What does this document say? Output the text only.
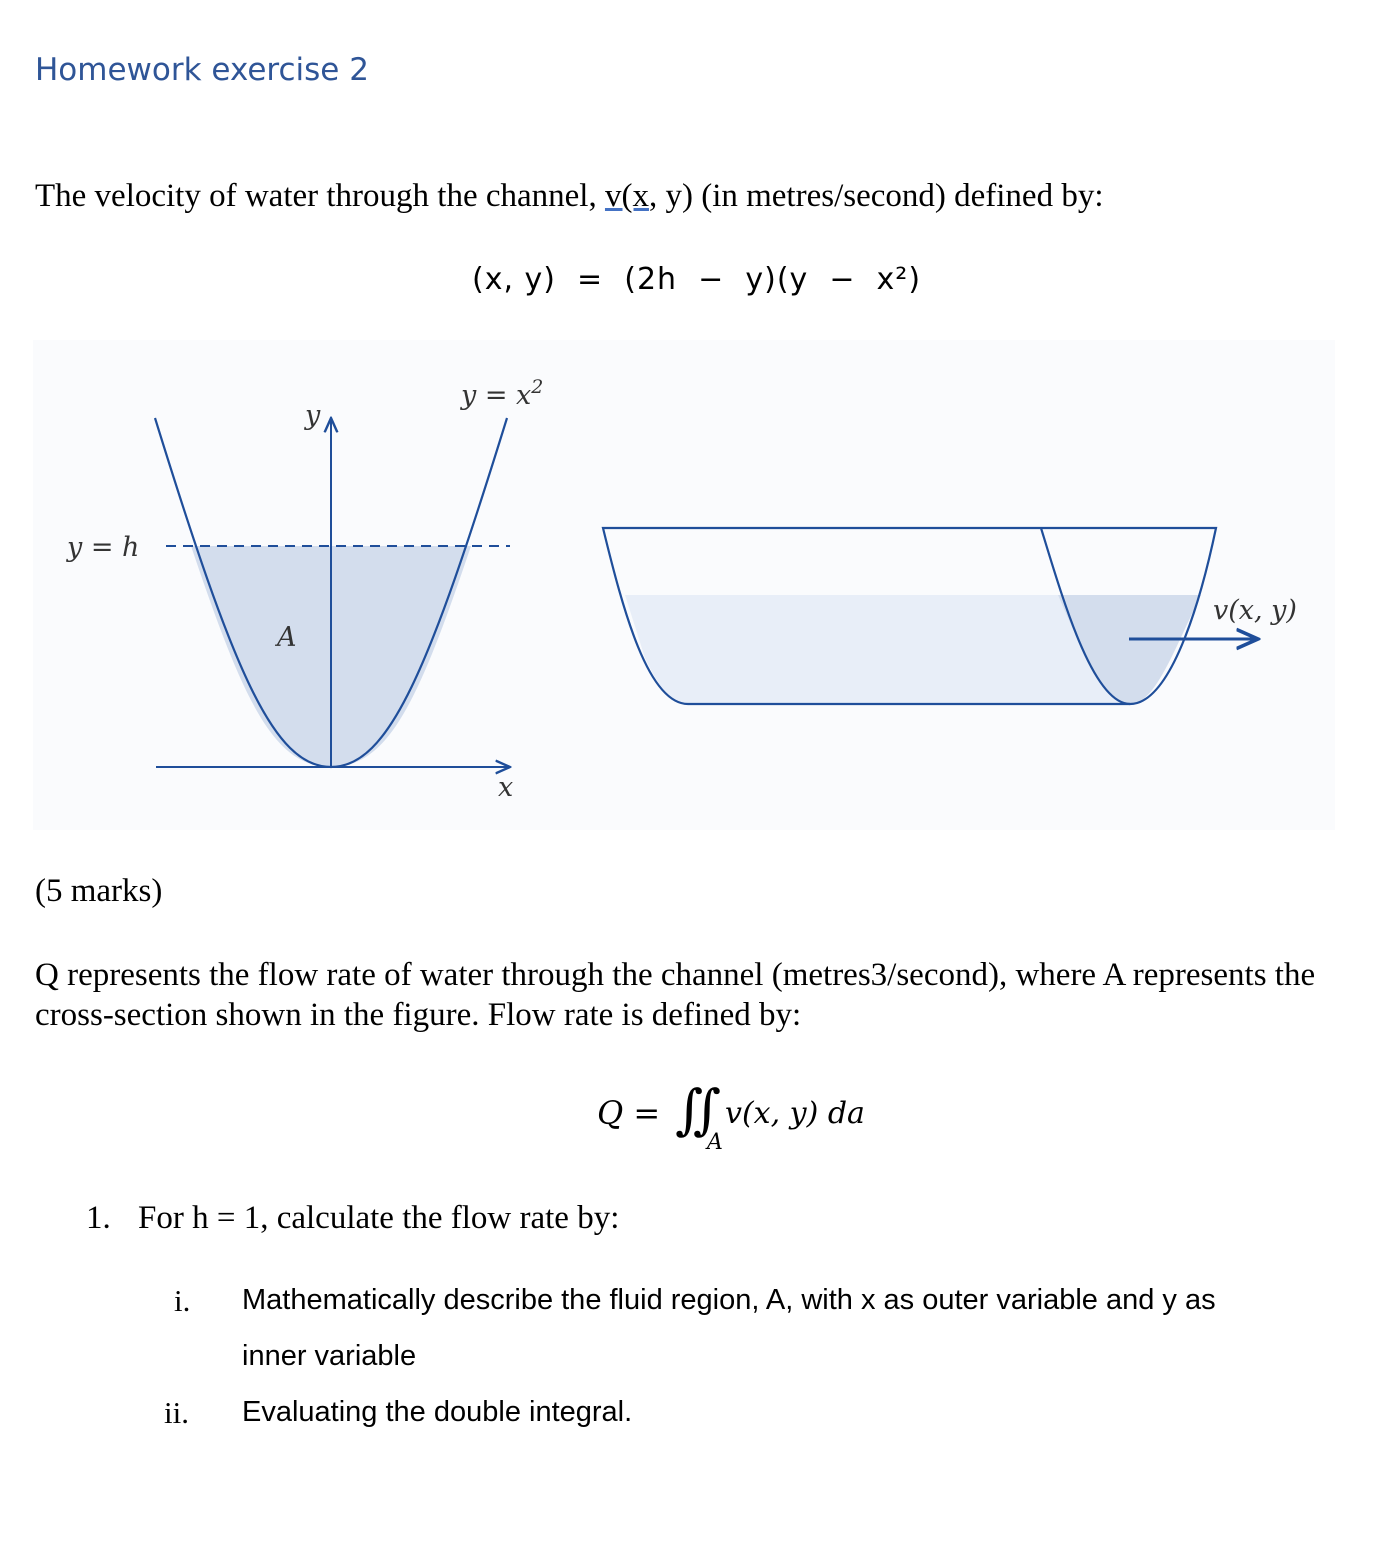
Homework exercise 2
The velocity of water through the channel, v(x, y) (in metres/second) defined by:
(x, y)  =  (2h  −  y)(y  −  x²)
$y = x^2$
y
x
y = h
A
v(x, y)
(5 marks)
Q represents the flow rate of water through the channel (metres3/second), where A represents the cross-section shown in the figure. Flow rate is defined by:
Q = ∬
A
v(x, y) da
1. For h = 1, calculate the flow rate by:
i. Mathematically describe the fluid region, A, with x as outer variable and y as
inner variable
ii. Evaluating the double integral.
